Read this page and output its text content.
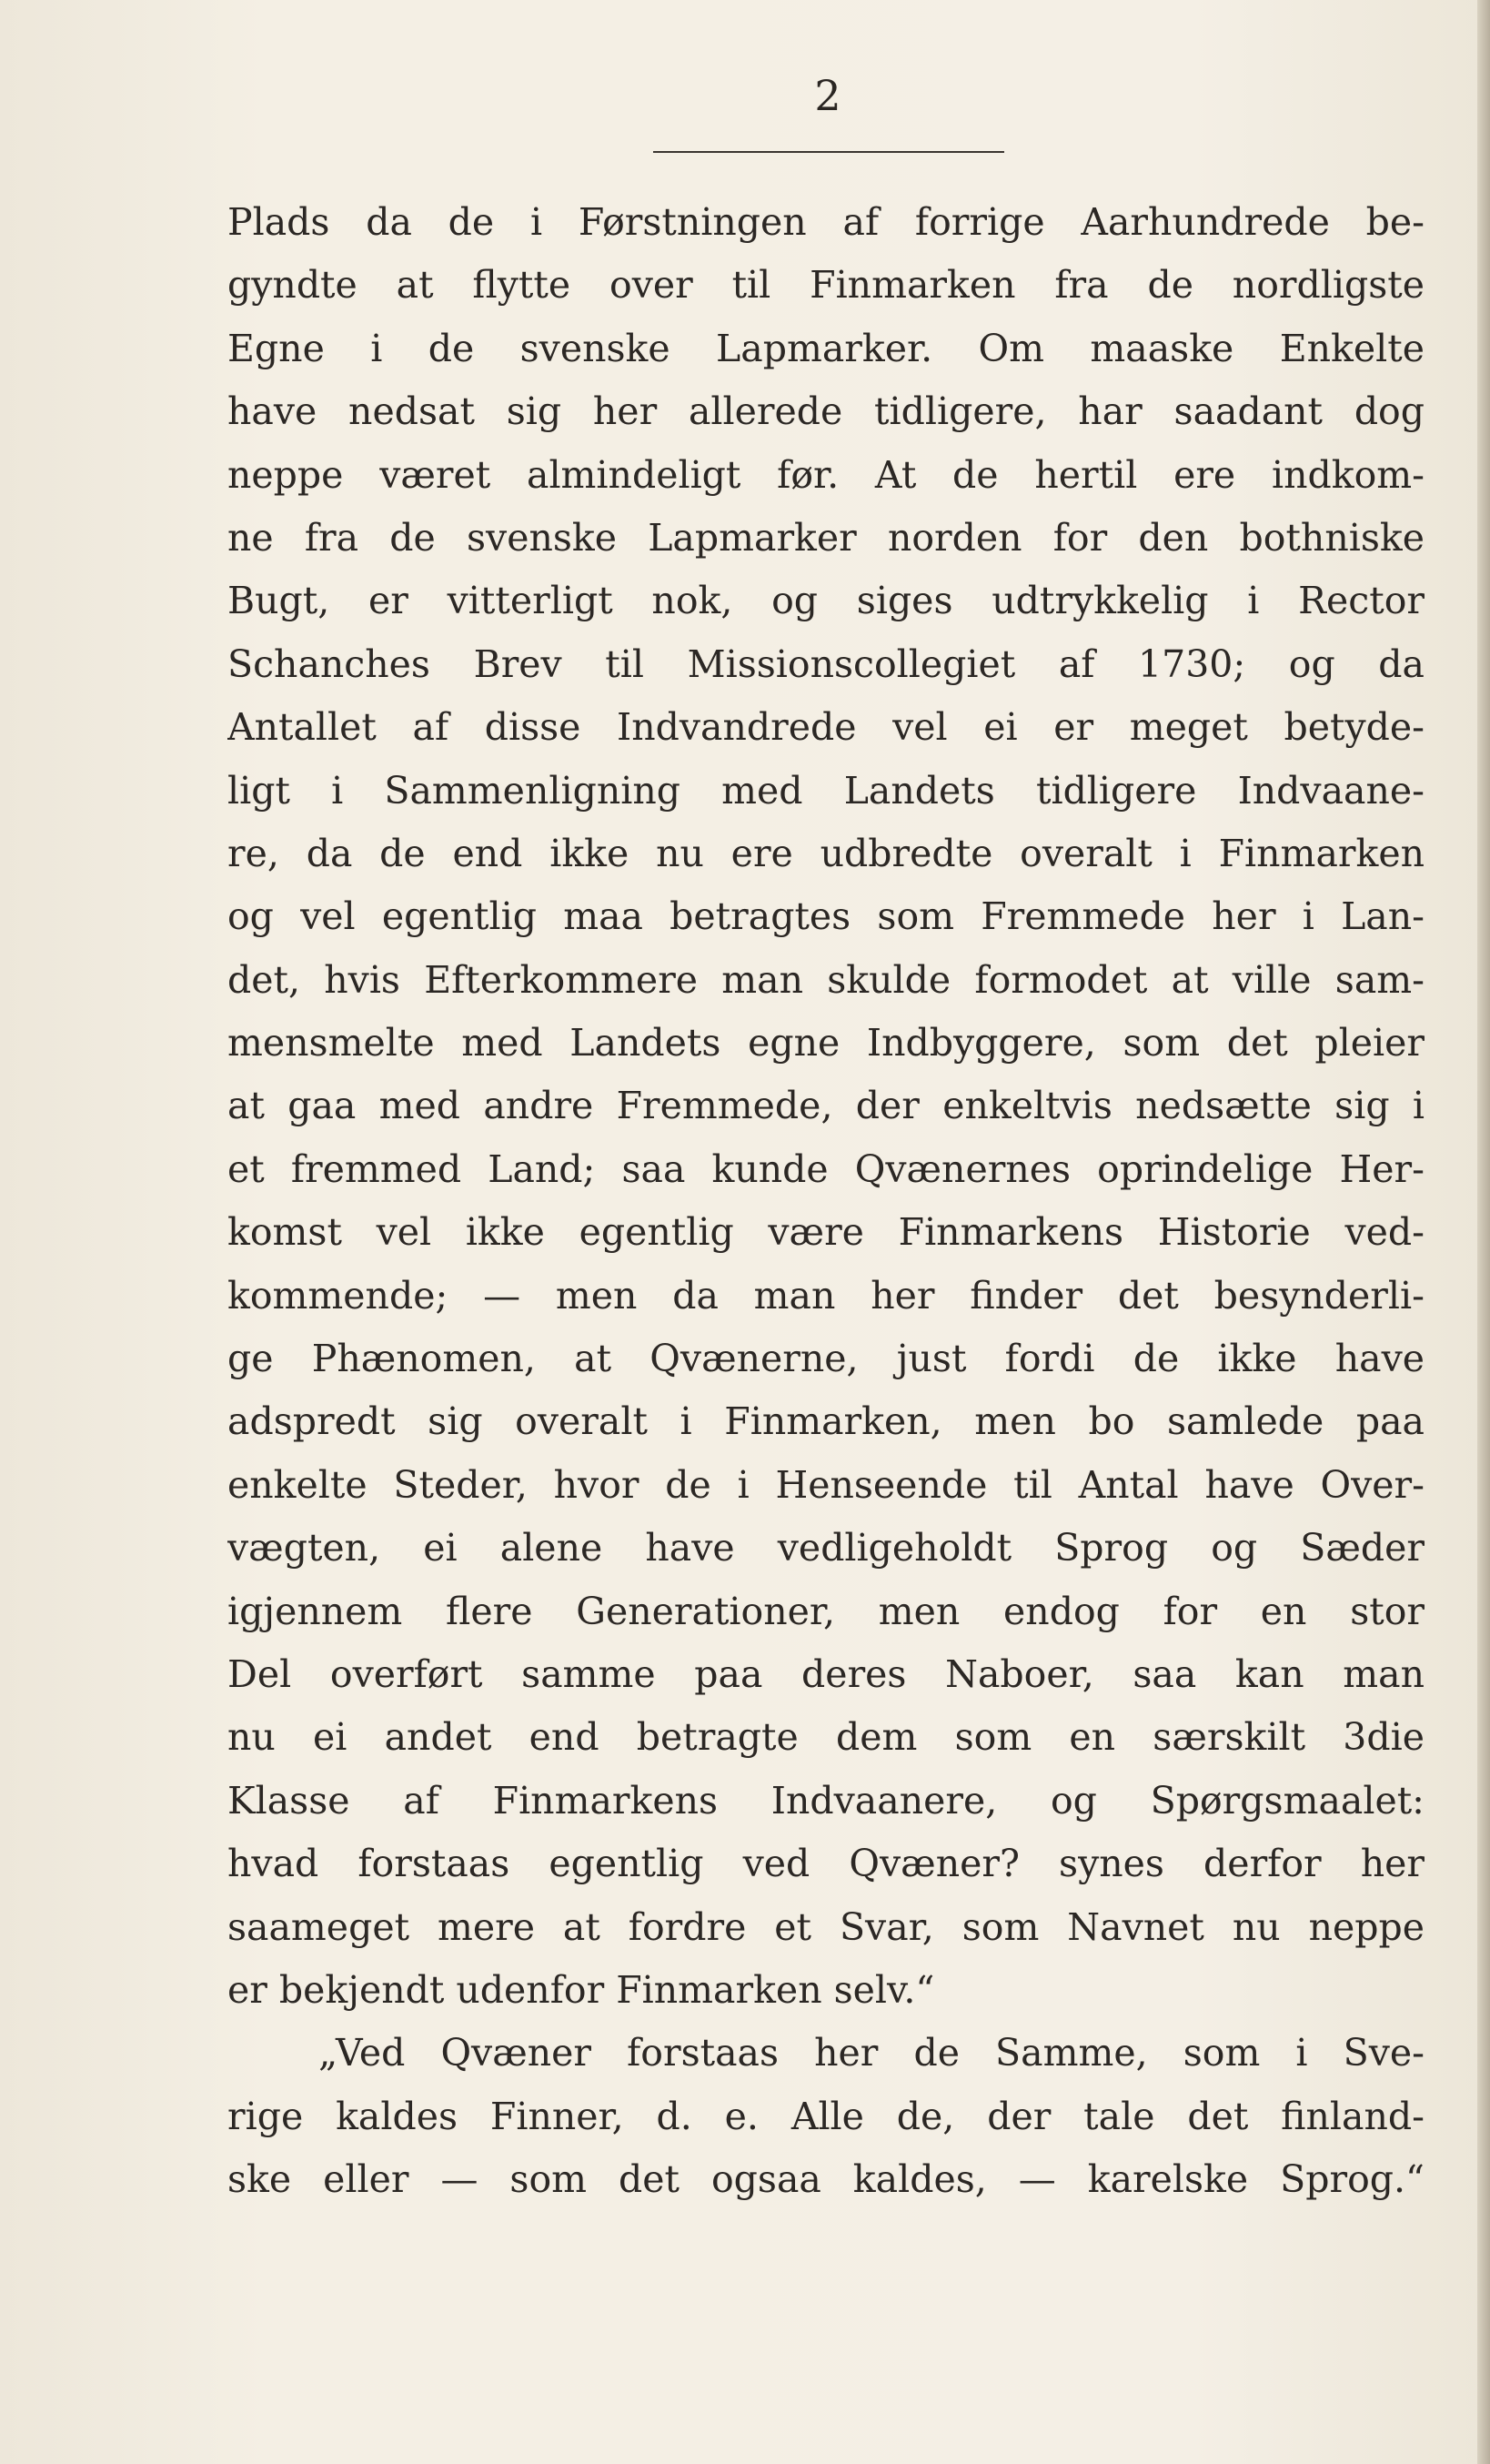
2
Plads da de i Førstningen af forrige Aarhundrede be-
gyndte at flytte over til Finmarken fra de nordligste
Egne i de svenske Lapmarker. Om maaske Enkelte
have nedsat sig her allerede tidligere, har saadant dog
neppe været almindeligt før. At de hertil ere indkom-
ne fra de svenske Lapmarker norden for den bothniske
Bugt, er vitterligt nok, og siges udtrykkelig i Rector
Schanches Brev til Missionscollegiet af 1730; og da
Antallet af disse Indvandrede vel ei er meget betyde-
ligt i Sammenligning med Landets tidligere Indvaane-
re, da de end ikke nu ere udbredte overalt i Finmarken
og vel egentlig maa betragtes som Fremmede her i Lan-
det, hvis Efterkommere man skulde formodet at ville sam-
mensmelte med Landets egne Indbyggere, som det pleier
at gaa med andre Fremmede, der enkeltvis nedsætte sig i
et fremmed Land; saa kunde Qvænernes oprindelige Her-
komst vel ikke egentlig være Finmarkens Historie ved-
kommende; — men da man her finder det besynderli-
ge Phænomen, at Qvænerne, just fordi de ikke have
adspredt sig overalt i Finmarken, men bo samlede paa
enkelte Steder, hvor de i Henseende til Antal have Over-
vægten, ei alene have vedligeholdt Sprog og Sæder
igjennem flere Generationer, men endog for en stor
Del overført samme paa deres Naboer, saa kan man
nu ei andet end betragte dem som en særskilt 3die
Klasse af Finmarkens Indvaanere, og Spørgsmaalet:
hvad forstaas egentlig ved Qvæner? synes derfor her
saameget mere at fordre et Svar, som Navnet nu neppe
er bekjendt udenfor Finmarken selv.“
„Ved Qvæner forstaas her de Samme, som i Sve-
rige kaldes Finner, d. e. Alle de, der tale det finland-
ske eller — som det ogsaa kaldes, — karelske Sprog.“
